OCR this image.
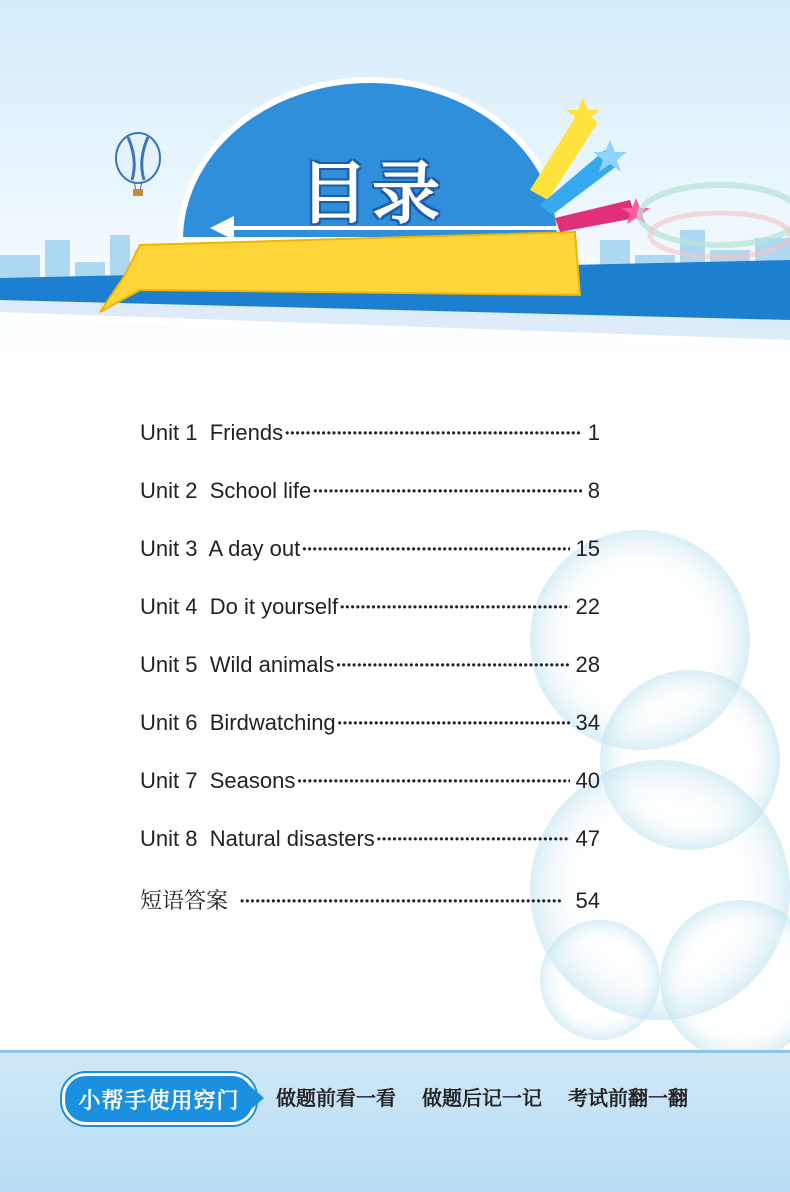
目录
Unit 1 Friends •••••	1
Unit 2 School life •••••	8
Unit 3 A day out •••••	15
Unit 4 Do it yourself •••••	22
Unit 5 Wild animals •••••	28
Unit 6 Birdwatching •••••	34
Unit 7 Seasons •••••	40
Unit 8 Natural disasters •••••	47
短语答案 •••••	54
小帮手使用窍门	做题前看一看 做题后记一记 考试前翻一翻
